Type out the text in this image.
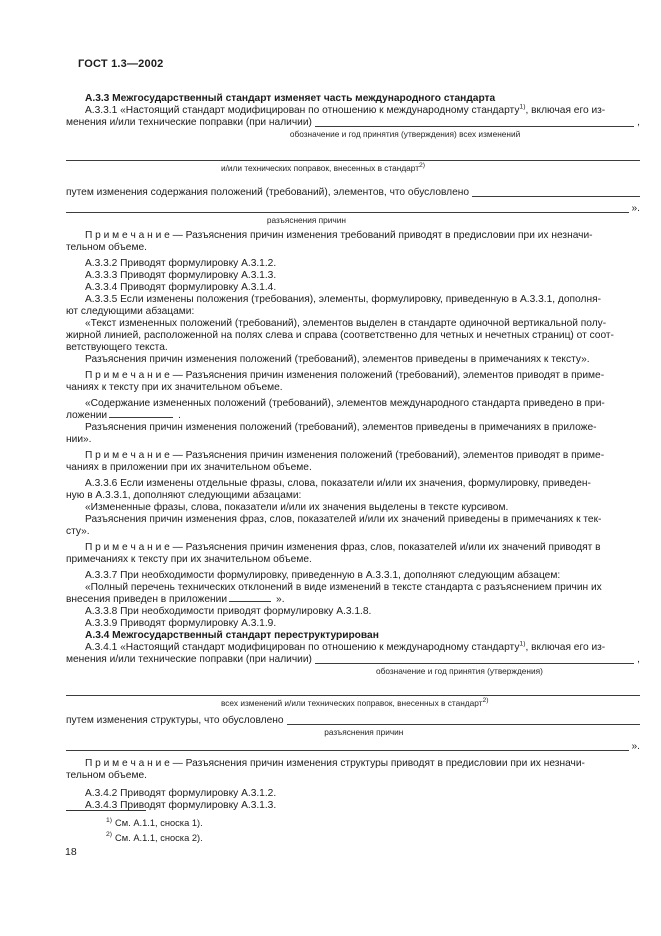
ГОСТ 1.3—2002
А.3.3 Межгосударственный стандарт изменяет часть международного стандарта
А.3.3.1 «Настоящий стандарт модифицирован по отношению к международному стандарту$^{1)}$, включая его из-
менения и/или технические поправки (при наличии)	,
обозначение и год принятия (утверждения) всех изменений
и/или технических поправок, внесенных в стандарт$^{2)}$
путем изменения содержания положений (требований), элементов, что обусловлено
».
разъяснения причин
П р и м е ч а н и е — Разъяснения причин изменения требований приводят в предисловии при их незначи-
тельном объеме.
А.3.3.2 Приводят формулировку А.3.1.2.
А.3.3.3 Приводят формулировку А.3.1.3.
А.3.3.4 Приводят формулировку А.3.1.4.
А.3.3.5 Если изменены положения (требования), элементы, формулировку, приведенную в А.3.3.1, дополня-
ют следующими абзацами:
«Текст измененных положений (требований), элементов выделен в стандарте одиночной вертикальной полу-
жирной линией, расположенной на полях слева и справа (соответственно для четных и нечетных страниц) от соот-
ветствующего текста.
Разъяснения причин изменения положений (требований), элементов приведены в примечаниях к тексту».
П р и м е ч а н и е — Разъяснения причин изменения положений (требований), элементов приводят в приме-
чаниях к тексту при их значительном объеме.
«Содержание измененных положений (требований), элементов международного стандарта приведено в при-
ложении	.
Разъяснения причин изменения положений (требований), элементов приведены в примечаниях в приложе-
нии».
П р и м е ч а н и е — Разъяснения причин изменения положений (требований), элементов приводят в приме-
чаниях в приложении при их значительном объеме.
А.3.3.6 Если изменены отдельные фразы, слова, показатели и/или их значения, формулировку, приведен-
ную в А.3.3.1, дополняют следующими абзацами:
«Измененные фразы, слова, показатели и/или их значения выделены в тексте курсивом.
Разъяснения причин изменения фраз, слов, показателей и/или их значений приведены в примечаниях к тек-
сту».
П р и м е ч а н и е — Разъяснения причин изменения фраз, слов, показателей и/или их значений приводят в
примечаниях к тексту при их значительном объеме.
А.3.3.7 При необходимости формулировку, приведенную в А.3.3.1, дополняют следующим абзацем:
«Полный перечень технических отклонений в виде изменений в тексте стандарта с разъяснением причин их
внесения приведен в приложении	».
А.3.3.8 При необходимости приводят формулировку А.3.1.8.
А.3.3.9 Приводят формулировку А.3.1.9.
А.3.4 Межгосударственный стандарт переструктурирован
А.3.4.1 «Настоящий стандарт модифицирован по отношению к международному стандарту$^{1)}$, включая его из-
менения и/или технические поправки (при наличии)	,
обозначение и год принятия (утверждения)
всех изменений и/или технических поправок, внесенных в стандарт$^{2)}$
путем изменения структуры, что обусловлено
разъяснения причин
».
П р и м е ч а н и е — Разъяснения причин изменения структуры приводят в предисловии при их незначи-
тельном объеме.
А.3.4.2 Приводят формулировку А.3.1.2.
А.3.4.3 Приводят формулировку А.3.1.3.
$^{1)}$ См. А.1.1, сноска 1).
$^{2)}$ См. А.1.1, сноска 2).
18
